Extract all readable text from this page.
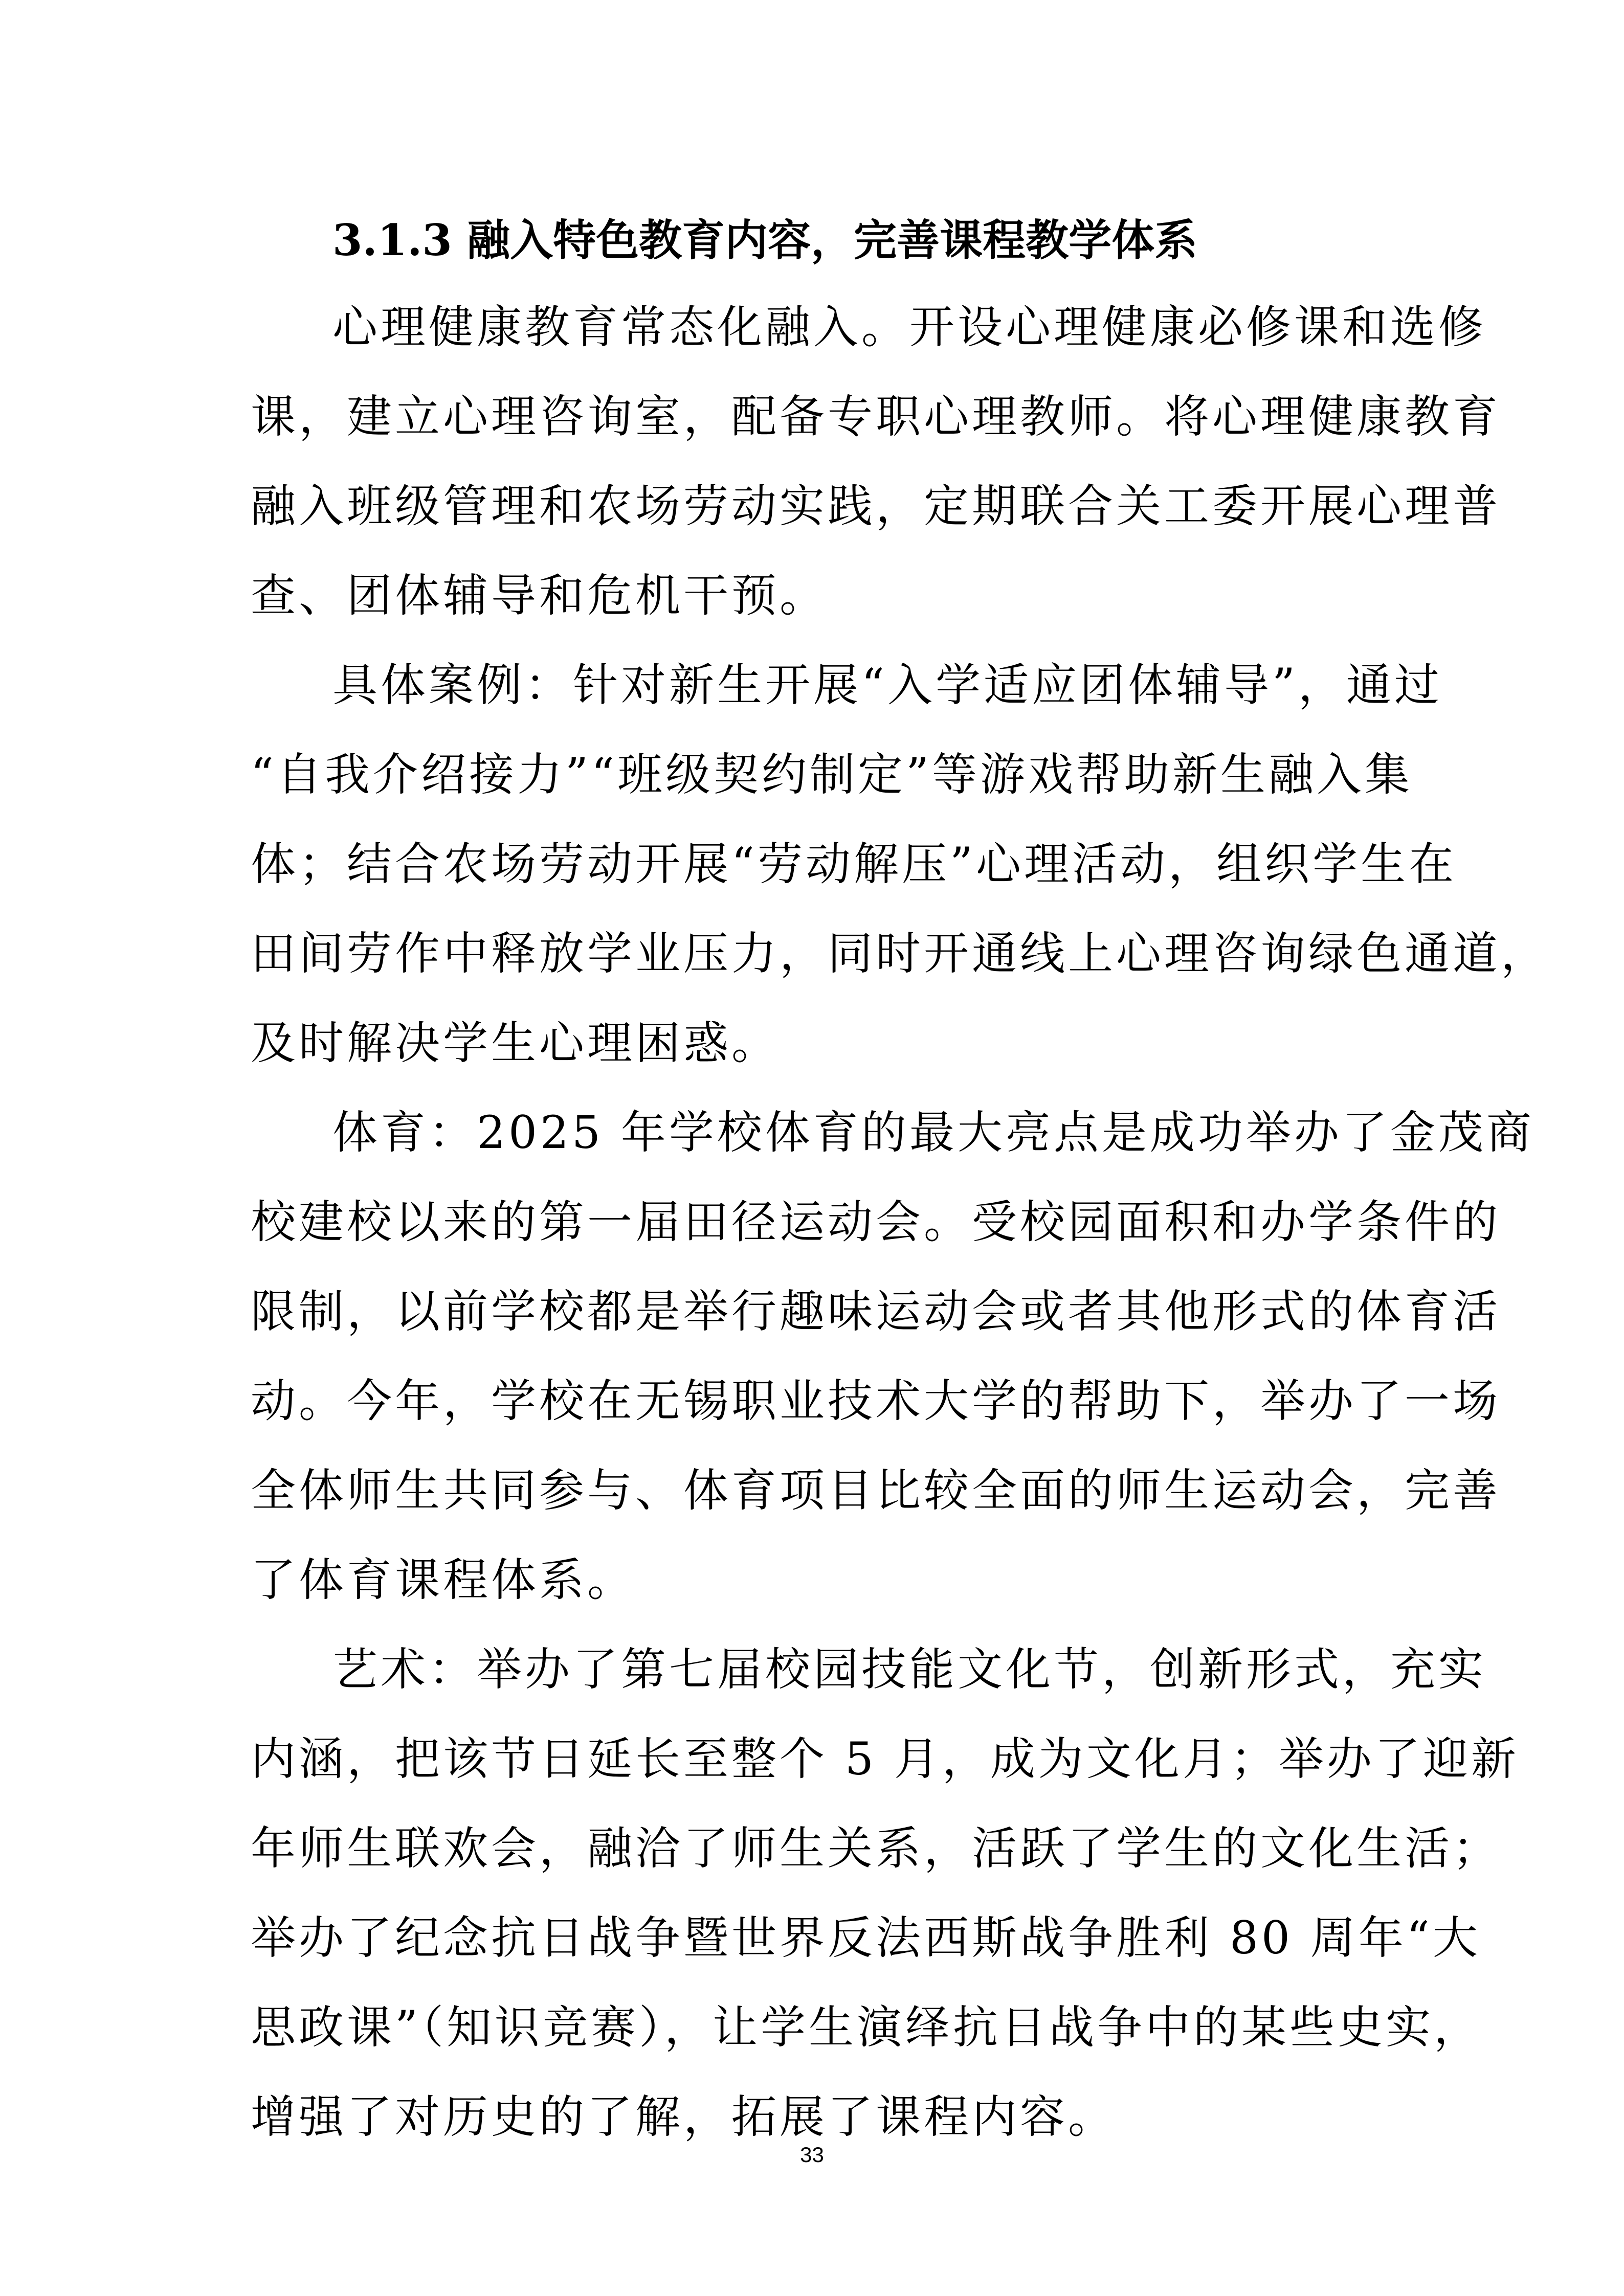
3.1.3 融入特色教育内容，完善课程教学体系
心理健康教育常态化融入。开设心理健康必修课和选修
课，建立心理咨询室，配备专职心理教师。将心理健康教育
融入班级管理和农场劳动实践，定期联合关工委开展心理普
查、团体辅导和危机干预。
具体案例：针对新生开展“入学适应团体辅导”，通过
“自我介绍接力”“班级契约制定”等游戏帮助新生融入集
体；结合农场劳动开展“劳动解压”心理活动，组织学生在
田间劳作中释放学业压力，同时开通线上心理咨询绿色通道，
及时解决学生心理困惑。
体育：2025 年学校体育的最大亮点是成功举办了金茂商
校建校以来的第一届田径运动会。受校园面积和办学条件的
限制，以前学校都是举行趣味运动会或者其他形式的体育活
动。今年，学校在无锡职业技术大学的帮助下，举办了一场
全体师生共同参与、体育项目比较全面的师生运动会，完善
了体育课程体系。
艺术：举办了第七届校园技能文化节，创新形式，充实
内涵，把该节日延长至整个 5 月，成为文化月；举办了迎新
年师生联欢会，融洽了师生关系，活跃了学生的文化生活；
举办了纪念抗日战争暨世界反法西斯战争胜利 80 周年“大
思政课”（知识竞赛），让学生演绎抗日战争中的某些史实，
增强了对历史的了解，拓展了课程内容。
33
